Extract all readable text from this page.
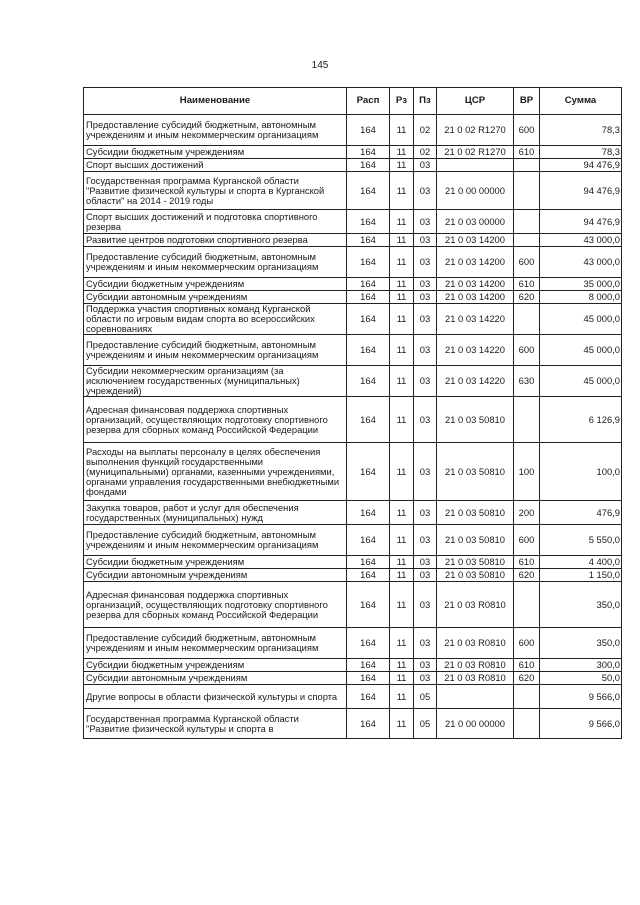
145
Наименование	Расп	Рз	Пз	ЦСР	ВР	Сумма
Предоставление субсидий бюджетным, автономным учреждениям и иным некоммерческим организациям	164	11	02	21 0 02 R1270	600	78,3
Субсидии бюджетным учреждениям	164	11	02	21 0 02 R1270	610	78,3
Спорт высших достижений	164	11	03			94 476,9
Государственная программа Курганской области "Развитие физической культуры и спорта в Курганской области" на 2014 - 2019 годы	164	11	03	21 0 00 00000		94 476,9
Спорт высших достижений и подготовка спортивного резерва	164	11	03	21 0 03 00000		94 476,9
Развитие центров подготовки спортивного резерва	164	11	03	21 0 03 14200		43 000,0
Предоставление субсидий бюджетным, автономным учреждениям и иным некоммерческим организациям	164	11	03	21 0 03 14200	600	43 000,0
Субсидии бюджетным учреждениям	164	11	03	21 0 03 14200	610	35 000,0
Субсидии автономным учреждениям	164	11	03	21 0 03 14200	620	8 000,0
Поддержка участия спортивных команд Курганской области по игровым видам спорта во всероссийских соревнованиях	164	11	03	21 0 03 14220		45 000,0
Предоставление субсидий бюджетным, автономным учреждениям и иным некоммерческим организациям	164	11	03	21 0 03 14220	600	45 000,0
Субсидии некоммерческим организациям (за исключением государственных (муниципальных) учреждений)	164	11	03	21 0 03 14220	630	45 000,0
Адресная финансовая поддержка спортивных организаций, осуществляющих подготовку спортивного резерва для сборных команд Российской Федерации	164	11	03	21 0 03 50810		6 126,9
Расходы на выплаты персоналу в целях обеспечения выполнения функций государственными (муниципальными) органами, казенными учреждениями, органами управления государственными внебюджетными фондами	164	11	03	21 0 03 50810	100	100,0
Закупка товаров, работ и услуг для обеспечения государственных (муниципальных) нужд	164	11	03	21 0 03 50810	200	476,9
Предоставление субсидий бюджетным, автономным учреждениям и иным некоммерческим организациям	164	11	03	21 0 03 50810	600	5 550,0
Субсидии бюджетным учреждениям	164	11	03	21 0 03 50810	610	4 400,0
Субсидии автономным учреждениям	164	11	03	21 0 03 50810	620	1 150,0
Адресная финансовая поддержка спортивных организаций, осуществляющих подготовку спортивного резерва для сборных команд Российской Федерации	164	11	03	21 0 03 R0810		350,0
Предоставление субсидий бюджетным, автономным учреждениям и иным некоммерческим организациям	164	11	03	21 0 03 R0810	600	350,0
Субсидии бюджетным учреждениям	164	11	03	21 0 03 R0810	610	300,0
Субсидии автономным учреждениям	164	11	03	21 0 03 R0810	620	50,0
Другие вопросы в области физической культуры и спорта	164	11	05			9 566,0
Государственная программа Курганской области "Развитие физической культуры и спорта в	164	11	05	21 0 00 00000		9 566,0
